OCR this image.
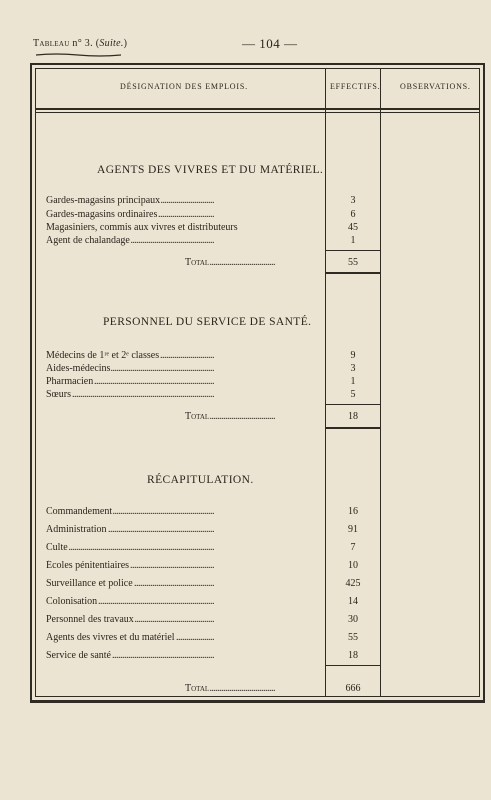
Tableau n° 3. (Suite.)	— 104 —
DÉSIGNATION DES EMPLOIS.	EFFECTIFS. OBSERVATIONS.
AGENTS DES VIVRES ET DU MATÉRIEL.
Gardes-magasins principaux . . .	3
Gardes-magasins ordinaires . . .	6
Magasiniers, commis aux vivres et distributeurs . . .	45
Agent de chalandage . . .	1
Total . . .	55
PERSONNEL DU SERVICE DE SANTÉ.
Médecins de 1ʳᵉ et 2ᵉ classes . . .	9
Aides-médecins . . .	3
Pharmacien . . .	1
Sœurs . . .	5
Total . . .	18
RÉCAPITULATION.
Commandement . . .	16
Administration . . .	91
Culte . . .	7
Écoles pénitentiaires . . .	10
Surveillance et police . . .	425
Colonisation . . .	14
Personnel des travaux . . .	30
Agents des vivres et du matériel . . .	55
Service de santé . . .	18
Total . . .	666
